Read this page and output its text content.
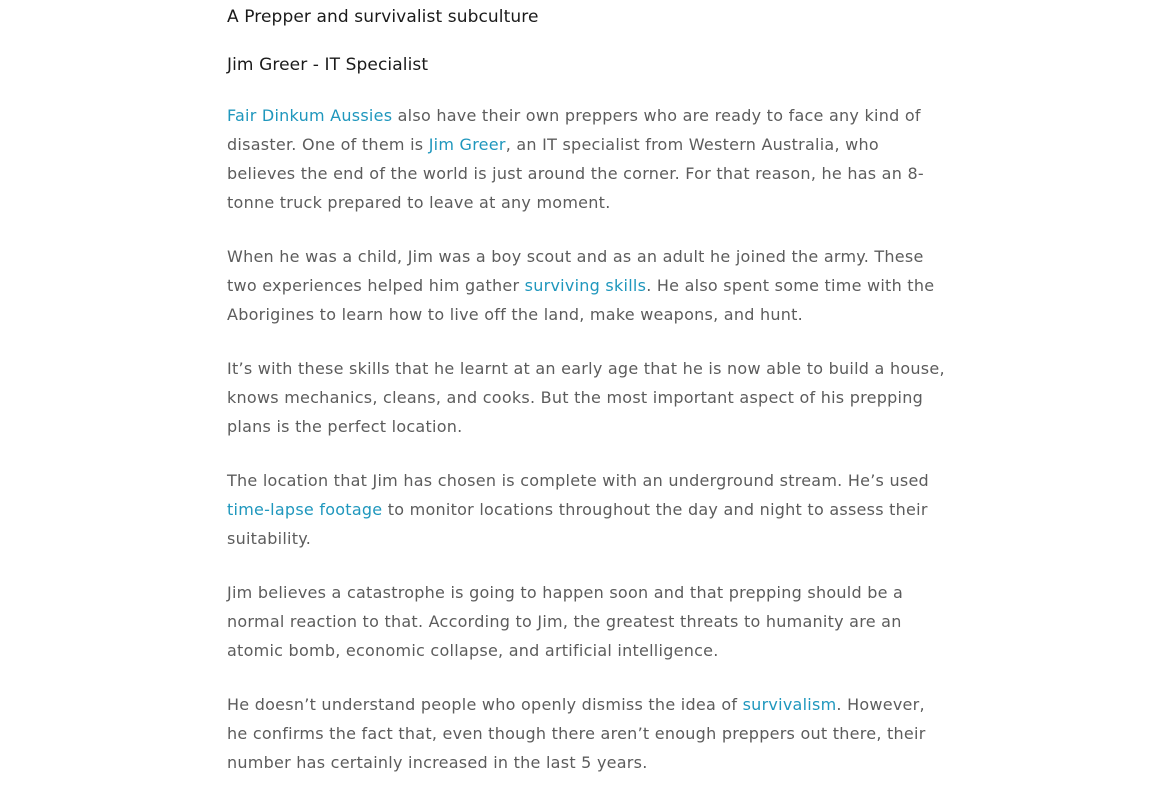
A Prepper and survivalist subculture
Jim Greer - IT Specialist

Fair Dinkum Aussies also have their own preppers who are ready to face any kind of disaster. One of them is Jim Greer, an IT specialist from Western Australia, who believes the end of the world is just around the corner. For that reason, he has an 8-tonne truck prepared to leave at any moment.

When he was a child, Jim was a boy scout and as an adult he joined the army. These two experiences helped him gather surviving skills. He also spent some time with the Aborigines to learn how to live off the land, make weapons, and hunt.

It’s with these skills that he learnt at an early age that he is now able to build a house, knows mechanics, cleans, and cooks. But the most important aspect of his prepping plans is the perfect location.

The location that Jim has chosen is complete with an underground stream. He’s used time-lapse footage to monitor locations throughout the day and night to assess their suitability.

Jim believes a catastrophe is going to happen soon and that prepping should be a normal reaction to that. According to Jim, the greatest threats to humanity are an atomic bomb, economic collapse, and artificial intelligence.

He doesn’t understand people who openly dismiss the idea of survivalism. However, he confirms the fact that, even though there aren’t enough preppers out there, their number has certainly increased in the last 5 years.
